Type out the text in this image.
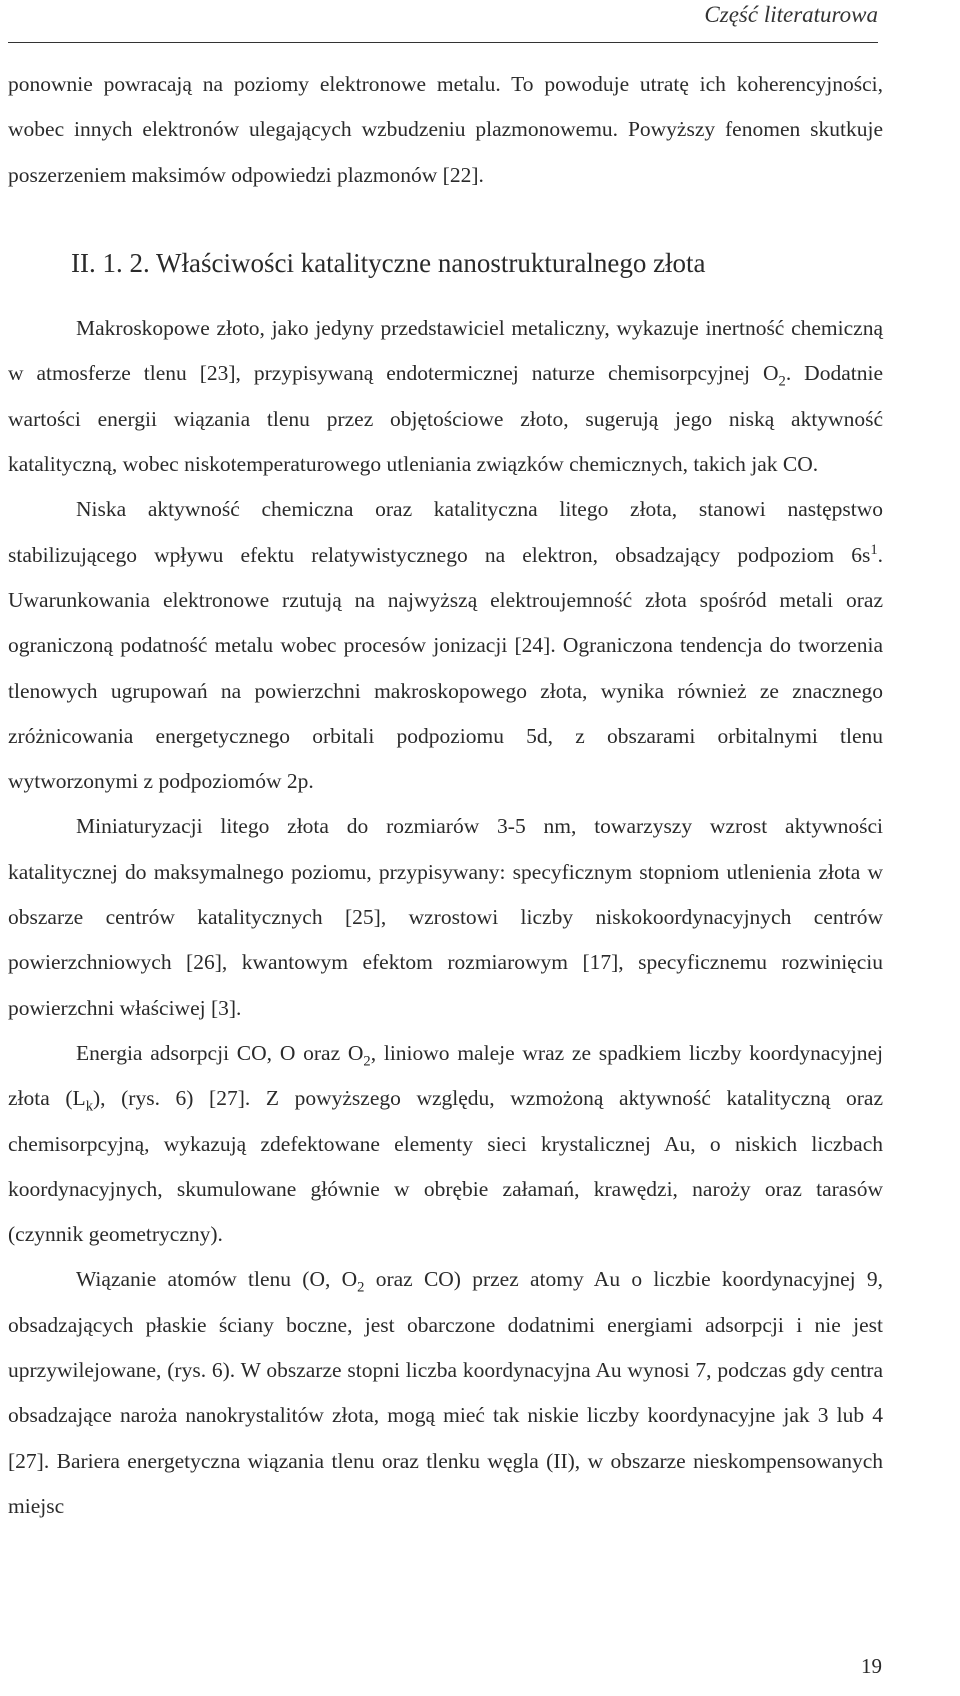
Część literaturowa

ponownie powracają na poziomy elektronowe metalu. To powoduje utratę ich koherencyjności, wobec innych elektronów ulegających wzbudzeniu plazmonowemu. Powyższy fenomen skutkuje poszerzeniem maksimów odpowiedzi plazmonów [22].

II. 1. 2. Właściwości katalityczne nanostrukturalnego złota

Makroskopowe złoto, jako jedyny przedstawiciel metaliczny, wykazuje inertność chemiczną w atmosferze tlenu [23], przypisywaną endotermicznej naturze chemisorpcyjnej $O_2$. Dodatnie wartości energii wiązania tlenu przez objętościowe złoto, sugerują jego niską aktywność katalityczną, wobec niskotemperaturowego utleniania związków chemicznych, takich jak CO.

Niska aktywność chemiczna oraz katalityczna litego złota, stanowi następstwo stabilizującego wpływu efektu relatywistycznego na elektron, obsadzający podpoziom $6s^1$. Uwarunkowania elektronowe rzutują na najwyższą elektroujemność złota spośród metali oraz ograniczoną podatność metalu wobec procesów jonizacji [24]. Ograniczona tendencja do tworzenia tlenowych ugrupowań na powierzchni makroskopowego złota, wynika również ze znacznego zróżnicowania energetycznego orbitali podpoziomu 5d, z obszarami orbitalnymi tlenu wytworzonymi z podpoziomów 2p.

Miniaturyzacji litego złota do rozmiarów 3-5 nm, towarzyszy wzrost aktywności katalitycznej do maksymalnego poziomu, przypisywany: specyficznym stopniom utlenienia złota w obszarze centrów katalitycznych [25], wzrostowi liczby niskokoordynacyjnych centrów powierzchniowych [26], kwantowym efektom rozmiarowym [17], specyficznemu rozwinięciu powierzchni właściwej [3].

Energia adsorpcji CO, O oraz $O_2$, liniowo maleje wraz ze spadkiem liczby koordynacyjnej złota $(L_k)$, (rys. 6) [27]. Z powyższego względu, wzmożoną aktywność katalityczną oraz chemisorpcyjną, wykazują zdefektowane elementy sieci krystalicznej Au, o niskich liczbach koordynacyjnych, skumulowane głównie w obrębie załamań, krawędzi, naroży oraz tarasów (czynnik geometryczny).

Wiązanie atomów tlenu (O, $O_2$ oraz CO) przez atomy Au o liczbie koordynacyjnej 9, obsadzających płaskie ściany boczne, jest obarczone dodatnimi energiami adsorpcji i nie jest uprzywilejowane, (rys. 6). W obszarze stopni liczba koordynacyjna Au wynosi 7, podczas gdy centra obsadzające naroża nanokrystalitów złota, mogą mieć tak niskie liczby koordynacyjne jak 3 lub 4 [27]. Bariera energetyczna wiązania tlenu oraz tlenku węgla (II), w obszarze nieskompensowanych miejsc

19
